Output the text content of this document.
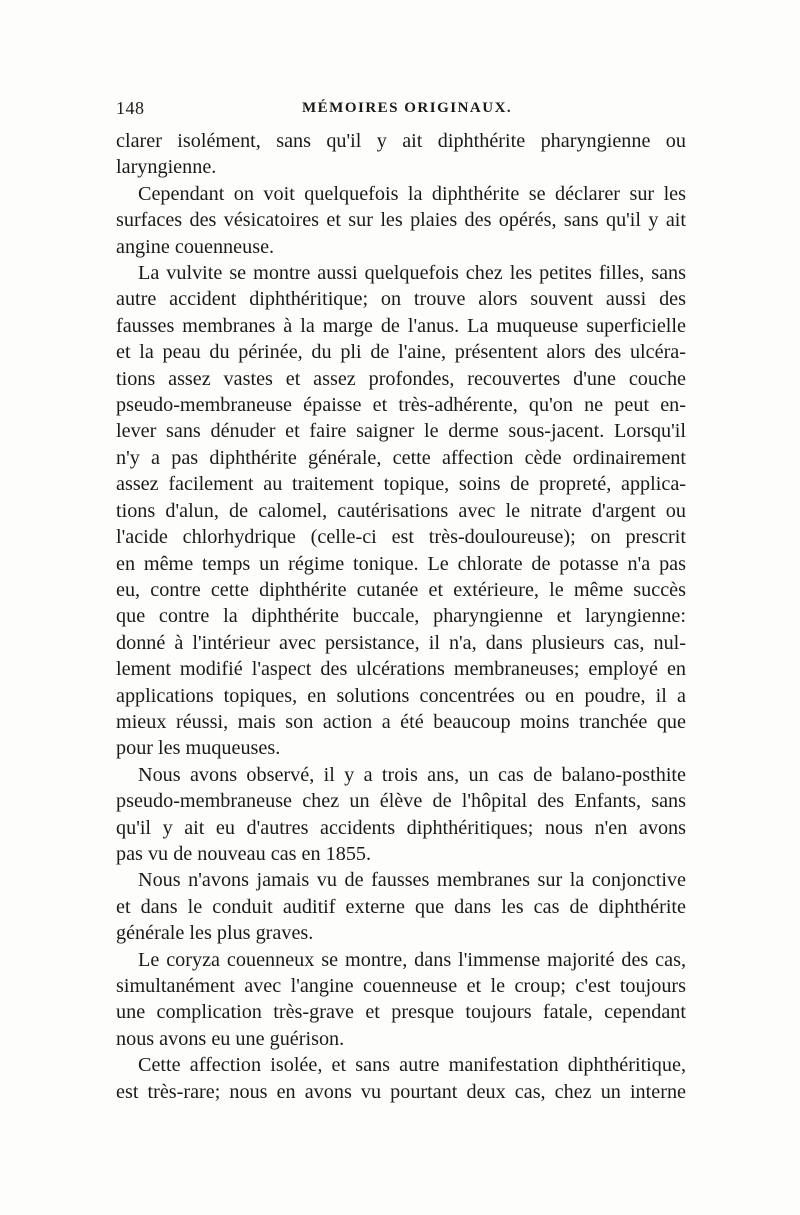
148	MÉMOIRES ORIGINAUX.

clarer isolément, sans qu'il y ait diphthérite pharyngienne ou

laryngienne.

Cependant on voit quelquefois la diphthérite se déclarer sur les

surfaces des vésicatoires et sur les plaies des opérés, sans qu'il y ait

angine couenneuse.

La vulvite se montre aussi quelquefois chez les petites filles, sans

autre accident diphthéritique; on trouve alors souvent aussi des

fausses membranes à la marge de l'anus. La muqueuse superficielle

et la peau du périnée, du pli de l'aine, présentent alors des ulcéra-

tions assez vastes et assez profondes, recouvertes d'une couche

pseudo-membraneuse épaisse et très-adhérente, qu'on ne peut en-

lever sans dénuder et faire saigner le derme sous-jacent. Lorsqu'il

n'y a pas diphthérite générale, cette affection cède ordinairement

assez facilement au traitement topique, soins de propreté, applica-

tions d'alun, de calomel, cautérisations avec le nitrate d'argent ou

l'acide chlorhydrique (celle-ci est très-douloureuse); on prescrit

en même temps un régime tonique. Le chlorate de potasse n'a pas

eu, contre cette diphthérite cutanée et extérieure, le même succès

que contre la diphthérite buccale, pharyngienne et laryngienne:

donné à l'intérieur avec persistance, il n'a, dans plusieurs cas, nul-

lement modifié l'aspect des ulcérations membraneuses; employé en

applications topiques, en solutions concentrées ou en poudre, il a

mieux réussi, mais son action a été beaucoup moins tranchée que

pour les muqueuses.

Nous avons observé, il y a trois ans, un cas de balano-posthite

pseudo-membraneuse chez un élève de l'hôpital des Enfants, sans

qu'il y ait eu d'autres accidents diphthéritiques; nous n'en avons

pas vu de nouveau cas en 1855.

Nous n'avons jamais vu de fausses membranes sur la conjonctive

et dans le conduit auditif externe que dans les cas de diphthérite

générale les plus graves.

Le coryza couenneux se montre, dans l'immense majorité des cas,

simultanément avec l'angine couenneuse et le croup; c'est toujours

une complication très-grave et presque toujours fatale, cependant

nous avons eu une guérison.

Cette affection isolée, et sans autre manifestation diphthéritique,

est très-rare; nous en avons vu pourtant deux cas, chez un interne
